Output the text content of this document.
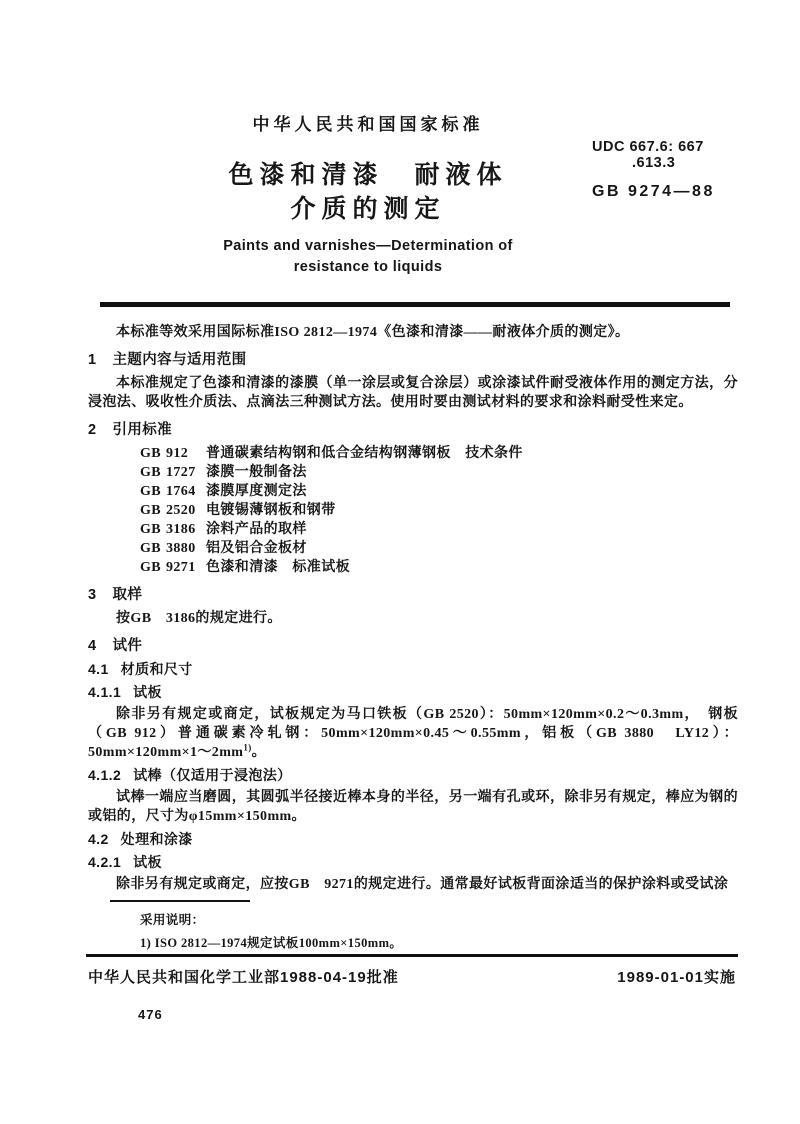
中华人民共和国国家标准
色漆和清漆　耐液体
介质的测定
Paints and varnishes—Determination of
resistance to liquids
UDC 667.6: 667
.613.3
GB 9274—88

本标准等效采用国际标准ISO 2812—1974《色漆和清漆——耐液体介质的测定》。

1 主题内容与适用范围

本标准规定了色漆和清漆的漆膜（单一涂层或复合涂层）或涂漆试件耐受液体作用的测定方法，分浸泡法、吸收性介质法、点滴法三种测试方法。使用时要由测试材料的要求和涂料耐受性来定。

2 引用标准
GB 912	普通碳素结构钢和低合金结构钢薄钢板　技术条件
GB 1727 漆膜一般制备法
GB 1764 漆膜厚度测定法
GB 2520 电镀锡薄钢板和钢带
GB 3186 涂料产品的取样
GB 3880 铝及铝合金板材
GB 9271 色漆和清漆　标准试板
3 取样

按GB　3186的规定进行。

4 试件
4.1 材质和尺寸
4.1.1 试板

除非另有规定或商定，试板规定为马口铁板（GB 2520）：50mm×120mm×0.2～0.3mm，　钢板（GB 912）普通碳素冷轧钢：50mm×120mm×0.45～0.55mm，铝板（GB 3880　LY12）：$50mm\times 120mm\times 1\sim 2mm^{1)}$。

4.1.2 试棒（仅适用于浸泡法）

试棒一端应当磨圆，其圆弧半径接近棒本身的半径，另一端有孔或环，除非另有规定，棒应为钢的或铝的，尺寸为φ15mm×150mm。

4.2 处理和涂漆
4.2.1 试板

除非另有规定或商定，应按GB　9271的规定进行。通常最好试板背面涂适当的保护涂料或受试涂

采用说明：
1) ISO 2812—1974规定试板100mm×150mm。
中华人民共和国化学工业部1988-04-19批准	1989-01-01实施
476
